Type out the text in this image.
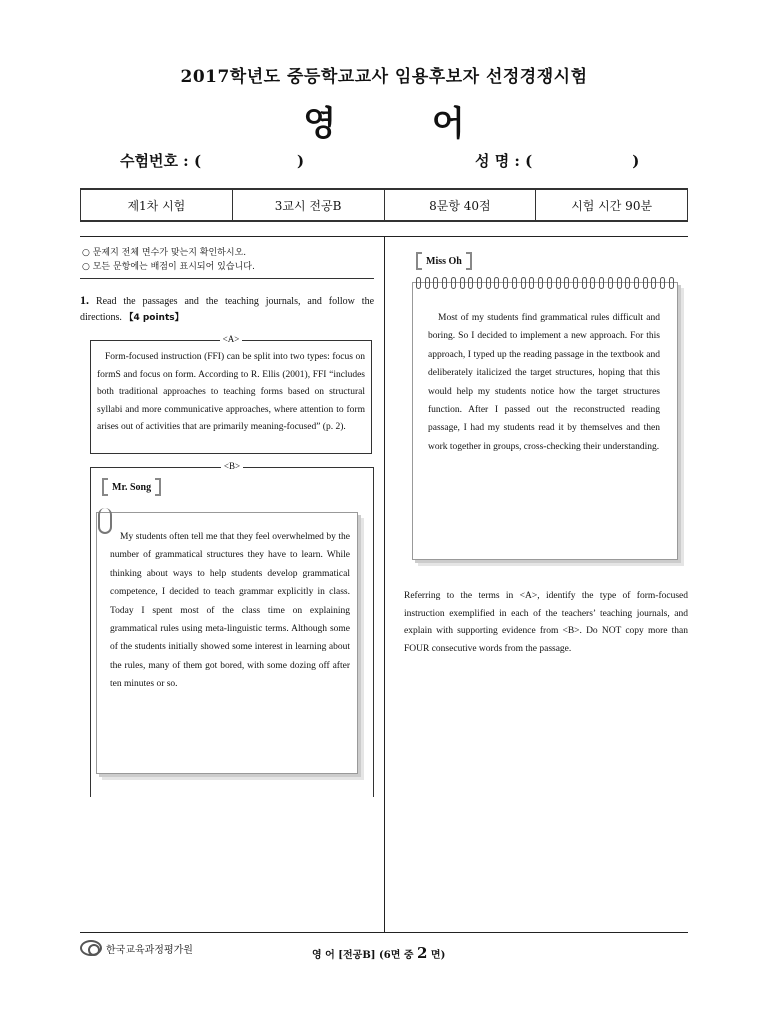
2017학년도 중등학교교사 임용후보자 선정경쟁시험
영 어
수험번호 : (	)	성 명 : (	)
제1차 시험	3교시 전공B	8문항 40점	시험 시간 90분
○ 문제지 전체 면수가 맞는지 확인하시오.
○ 모든 문항에는 배점이 표시되어 있습니다.
1. Read the passages and the teaching journals, and follow the directions. 【4 points】
<A>
Form-focused instruction (FFI) can be split into two types: focus on formS and focus on form. According to R. Ellis (2001), FFI “includes both traditional approaches to teaching forms based on structural syllabi and more communicative approaches, where attention to form arises out of activities that are primarily meaning-focused” (p. 2).
<B>
Mr. Song
My students often tell me that they feel overwhelmed by the number of grammatical structures they have to learn. While thinking about ways to help students develop grammatical competence, I decided to teach grammar explicitly in class. Today I spent most of the class time on explaining grammatical rules using meta-linguistic terms. Although some of the students initially showed some interest in learning about the rules, many of them got bored, with some dozing off after ten minutes or so.
Miss Oh
Most of my students find grammatical rules difficult and boring. So I decided to implement a new approach. For this approach, I typed up the reading passage in the textbook and deliberately italicized the target structures, hoping that this would help my students notice how the target structures function. After I passed out the reconstructed reading passage, I had my students read it by themselves and then work together in groups, cross-checking their understanding.
Referring to the terms in <A>, identify the type of form-focused instruction exemplified in each of the teachers’ teaching journals, and explain with supporting evidence from <B>. Do NOT copy more than FOUR consecutive words from the passage.
한국교육과정평가원	영 어 [전공B] (6면 중 2 면)
